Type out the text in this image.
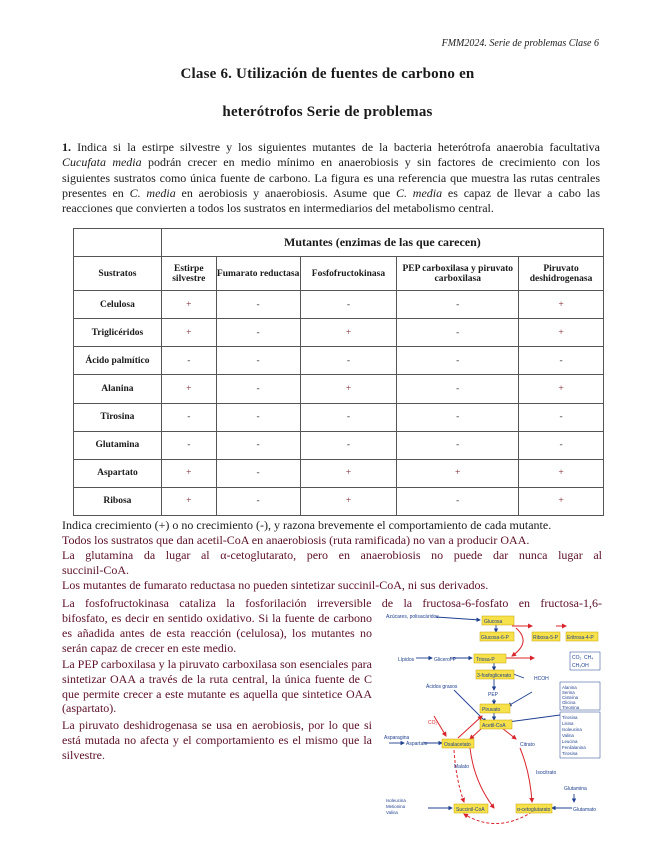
FMM2024. Serie de problemas Clase 6
Clase 6. Utilización de fuentes de carbono en
heterótrofos Serie de problemas
1. Indica si la estirpe silvestre y los siguientes mutantes de la bacteria heterótrofa anaerobia facultativa Cucufata media podrán crecer en medio mínimo en anaerobiosis y sin factores de crecimiento con los siguientes sustratos como única fuente de carbono. La figura es una referencia que muestra las rutas centrales presentes en C. media en aerobiosis y anaerobiosis. Asume que C. media es capaz de llevar a cabo las reacciones que convierten a todos los sustratos en intermediarios del metabolismo central.
	Mutantes (enzimas de las que carecen)				
Sustratos	Estirpe silvestre	Fumarato reductasa	Fosfofructokinasa	PEP carboxilasa y piruvato carboxilasa	Piruvato deshidrogenasa
Celulosa	+	-	-	-	+
Triglicéridos	+	-	+	-	+
Ácido palmítico	-	-	-	-	-
Alanina	+	-	+	-	+
Tirosina	-	-	-	-	-
Glutamina	-	-	-	-	-
Aspartato	+	-	+	+	+
Ribosa	+	-	+	-	+
Indica crecimiento (+) o no crecimiento (-), y razona brevemente el comportamiento de cada mutante.
Todos los sustratos que dan acetil-CoA en anaerobiosis (ruta ramificada) no van a producir OAA.
La glutamina da lugar al α-cetoglutarato, pero en anaerobiosis no puede dar nunca lugar al
succinil-CoA.
Los mutantes de fumarato reductasa no pueden sintetizar succinil-CoA, ni sus derivados.
La fosfofructokinasa cataliza la fosforilación irreversible de la fructosa-6-fosfato en fructosa-1,6-
bifosfato, es decir en sentido oxidativo. Si la fuente de carbono es añadida antes de esta reacción (celulosa), los mutantes no serán capaz de crecer en este medio.
La PEP carboxilasa y la piruvato carboxilasa son esenciales para sintetizar OAA a través de la ruta central, la única fuente de C que permite crecer a este mutante es aquella que sintetice OAA (aspartato).
La piruvato deshidrogenasa se usa en aerobiosis, por lo que si está mutada no afecta y el comportamiento es el mismo que la silvestre.
Glucosa
Glucosa-6-P	Ribosa-5-P Eritrosa-4-P
Triosa-P
3-fosfoglicerato
PEP
Piruvato
Acetil-CoA
Oxalacetato	Citrato
Succinil-CoA	α-cetoglutarato	Glutamato
Glutamina
Malato
Isocitrato
Glicerol-P
Lípidos
Ácidos grasos
Azúcares, polisacáridos
Aspartato
Asparagina
CO₂ CH₄
CH₃OH
HCOH
CO₂
Alanina Serina Cisteína Glicina Treonina
Tirosina Lisina Isoleucina Valina Leucina Fenilalanina Tirosina
Isoleucina Metionina Valina
